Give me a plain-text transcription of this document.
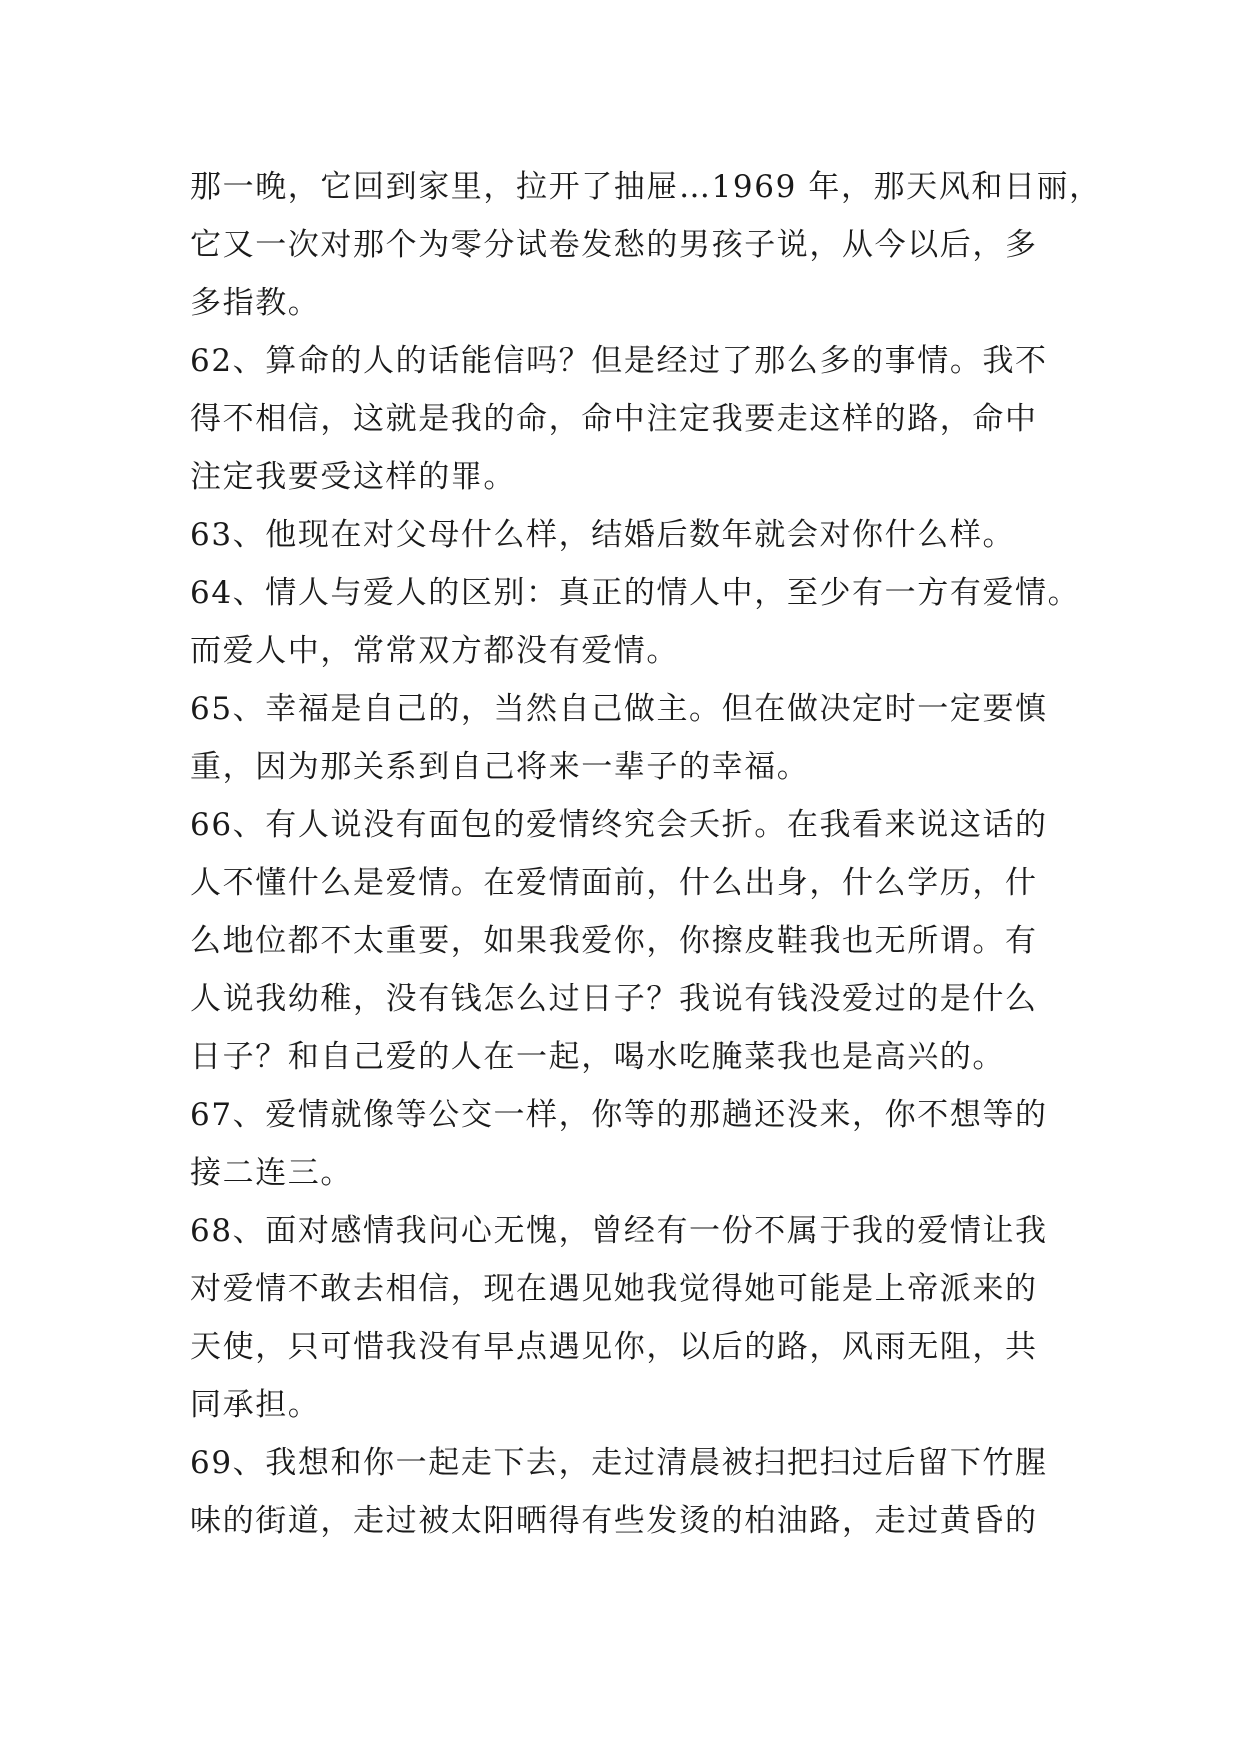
那一晚，它回到家里，拉开了抽屉…1969 年，那天风和日丽，
它又一次对那个为零分试卷发愁的男孩子说，从今以后，多
多指教。
62、算命的人的话能信吗？但是经过了那么多的事情。我不
得不相信，这就是我的命，命中注定我要走这样的路，命中
注定我要受这样的罪。
63、他现在对父母什么样，结婚后数年就会对你什么样。
64、情人与爱人的区别：真正的情人中，至少有一方有爱情。
而爱人中，常常双方都没有爱情。
65、幸福是自己的，当然自己做主。但在做决定时一定要慎
重，因为那关系到自己将来一辈子的幸福。
66、有人说没有面包的爱情终究会夭折。在我看来说这话的
人不懂什么是爱情。在爱情面前，什么出身，什么学历，什
么地位都不太重要，如果我爱你，你擦皮鞋我也无所谓。有
人说我幼稚，没有钱怎么过日子？我说有钱没爱过的是什么
日子？和自己爱的人在一起，喝水吃腌菜我也是高兴的。
67、爱情就像等公交一样，你等的那趟还没来，你不想等的
接二连三。
68、面对感情我问心无愧，曾经有一份不属于我的爱情让我
对爱情不敢去相信，现在遇见她我觉得她可能是上帝派来的
天使，只可惜我没有早点遇见你，以后的路，风雨无阻，共
同承担。
69、我想和你一起走下去，走过清晨被扫把扫过后留下竹腥
味的街道，走过被太阳晒得有些发烫的柏油路，走过黄昏的
